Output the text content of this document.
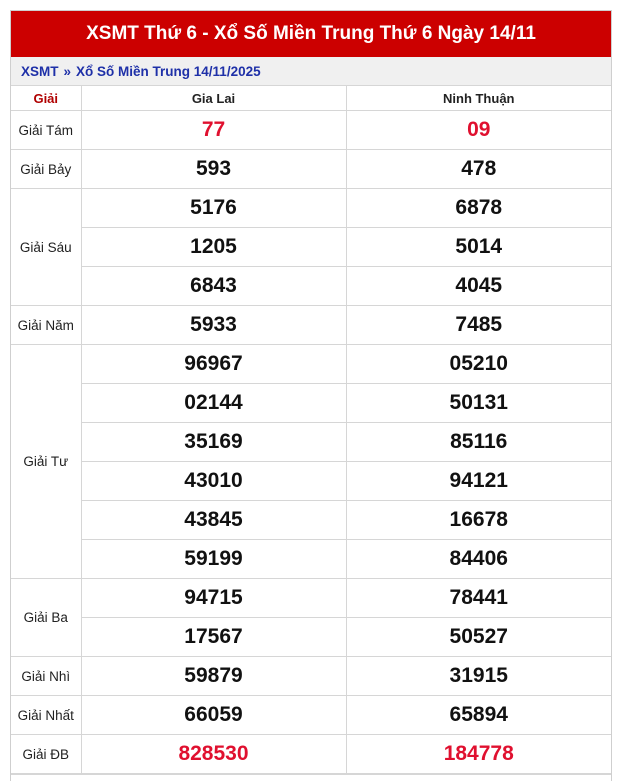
XSMT Thứ 6 - Xổ Số Miền Trung Thứ 6 Ngày 14/11
XSMT » Xổ Số Miền Trung 14/11/2025
Giải	Gia Lai	Ninh Thuận
Giải Tám	77	09
Giải Bảy	593	478
Giải Sáu	5176	6878
	1205	5014
	6843	4045
Giải Năm	5933	7485
Giải Tư	96967	05210
	02144	50131
	35169	85116
	43010	94121
	43845	16678
	59199	84406
Giải Ba	94715	78441
	17567	50527
Giải Nhì	59879	31915
Giải Nhất	66059	65894
Giải ĐB	828530	184778
